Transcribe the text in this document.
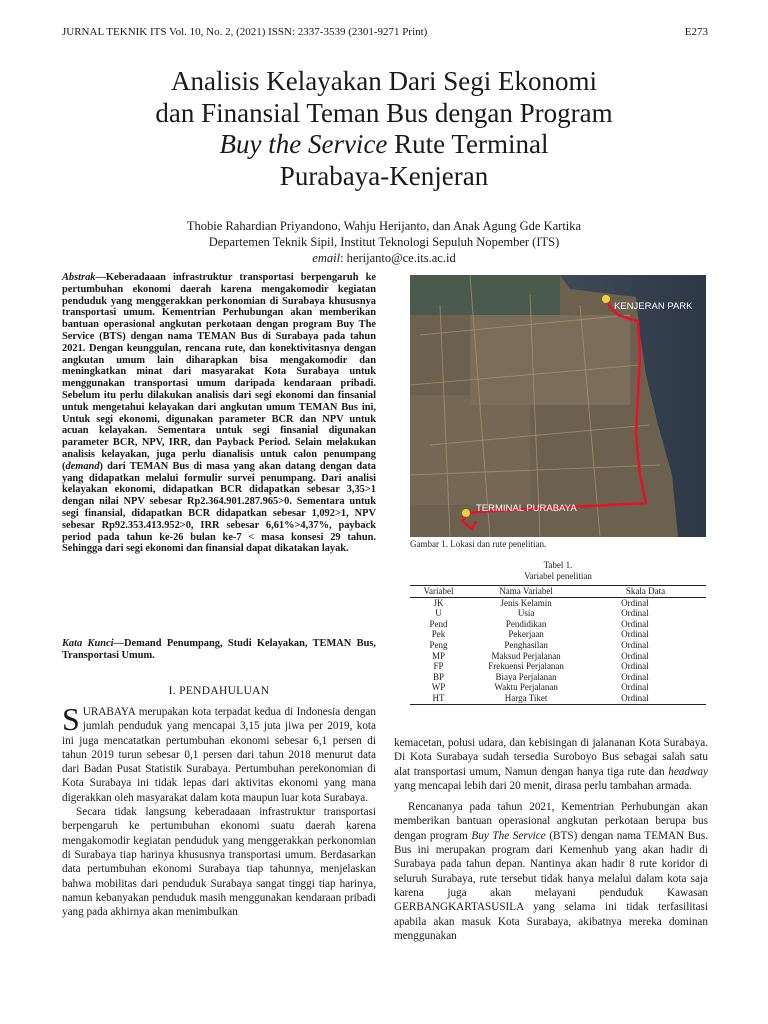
JURNAL TEKNIK ITS Vol. 10, No. 2, (2021) ISSN: 2337-3539 (2301-9271 Print)	E273
Analisis Kelayakan Dari Segi Ekonomi
dan Finansial Teman Bus dengan Program
Buy the Service Rute Terminal
Purabaya-Kenjeran
Thobie Rahardian Priyandono, Wahju Herijanto, dan Anak Agung Gde Kartika
Departemen Teknik Sipil, Institut Teknologi Sepuluh Nopember (ITS)
email: herijanto@ce.its.ac.id
Abstrak—Keberadaaan infrastruktur transportasi berpengaruh ke pertumbuhan ekonomi daerah karena mengakomodir kegiatan penduduk yang menggerakkan perkonomian di Surabaya khususnya transportasi umum. Kementrian Perhubungan akan memberikan bantuan operasional angkutan perkotaan dengan program Buy The Service (BTS) dengan nama TEMAN Bus di Surabaya pada tahun 2021. Dengan keunggulan, rencana rute, dan konektivitasnya dengan angkutan umum lain diharapkan bisa mengakomodir dan meningkatkan minat dari masyarakat Kota Surabaya untuk menggunakan transportasi umum daripada kendaraan pribadi. Sebelum itu perlu dilakukan analisis dari segi ekonomi dan finsanial untuk mengetahui kelayakan dari angkutan umum TEMAN Bus ini, Untuk segi ekonomi, digunakan parameter BCR dan NPV untuk acuan kelayakan. Sementara untuk segi finsanial digunakan parameter BCR, NPV, IRR, dan Payback Period. Selain melakukan analisis kelayakan, juga perlu dianalisis untuk calon penumpang (demand) dari TEMAN Bus di masa yang akan datang dengan data yang didapatkan melalui formulir survei penumpang. Dari analisi kelayakan ekonomi, didapatkan BCR didapatkan sebesar 3,35>1 dengan nilai NPV sebesar Rp2.364.901.287.965>0. Sementara untuk segi finansial, didapatkan BCR didapatkan sebesar 1,092>1, NPV sebesar Rp92.353.413.952>0, IRR sebesar 6,61%>4,37%, payback period pada tahun ke-26 bulan ke-7 < masa konsesi 29 tahun. Sehingga dari segi ekonomi dan finansial dapat dikatakan layak.
Kata Kunci—Demand Penumpang, Studi Kelayakan, TEMAN Bus, Transportasi Umum.
I. PENDAHULUAN

SURABAYA merupakan kota terpadat kedua di Indonesia dengan jumlah penduduk yang mencapai 3,15 juta jiwa per 2019, kota ini juga mencatatkan pertumbuhan ekonomi sebesar 6,1 persen di tahun 2019 turun sebesar 0,1 persen dari tahun 2018 menurut data dari Badan Pusat Statistik Surabaya. Pertumbuhan perekonomian di Kota Surabaya ini tidak lepas dari aktivitas ekonomi yang mana digerakkan oleh masyarakat dalam kota maupun luar kota Surabaya.

Secara tidak langsung keberadaaan infrastruktur transportasi berpengaruh ke pertumbuhan ekonomi suatu daerah karena mengakomodir kegiatan penduduk yang menggerakkan perkonomian di Surabaya tiap harinya khususnya transportasi umum. Berdasarkan data pertumbuhan ekonomi Surabaya tiap tahunnya, menjelaskan bahwa mobilitas dari penduduk Surabaya sangat tinggi tiap harinya, namun kebanyakan penduduk masih menggunakan kendaraan pribadi yang pada akhirnya akan menimbulkan

KENJERAN PARK
TERMINAL PURABAYA
Gambar 1. Lokasi dan rute penelitian.
Tabel 1.
Variabel penelitian
Variabel	Nama Variabel	Skala Data
JK	Jenis Kelamin	Ordinal
U	Usia	Ordinal
Pend	Pendidikan	Ordinal
Pek	Pekerjaan	Ordinal
Peng	Penghasilan	Ordinal
MP	Maksud Perjalanan	Ordinal
FP	Frekuensi Perjalanan	Ordinal
BP	Biaya Perjalanan	Ordinal
WP	Waktu Perjalanan	Ordinal
HT	Harga Tiket	Ordinal

kemacetan, polusi udara, dan kebisingan di jalananan Kota Surabaya. Di Kota Surabaya sudah tersedia Suroboyo Bus sebagai salah satu alat transportasi umum, Namun dengan hanya tiga rute dan headway yang mencapai lebih dari 20 menit, dirasa perlu tambahan armada.

Rencananya pada tahun 2021, Kementrian Perhubungan akan memberikan bantuan operasional angkutan perkotaan berupa bus dengan program Buy The Service (BTS) dengan nama TEMAN Bus. Bus ini merupakan program dari Kemenhub yang akan hadir di Surabaya pada tahun depan. Nantinya akan hadir 8 rute koridor di seluruh Surabaya, rute tersebut tidak hanya melalui dalam kota saja karena juga akan melayani penduduk Kawasan GERBANGKARTASUSILA yang selama ini tidak terfasilitasi apabila akan masuk Kota Surabaya, akibatnya mereka dominan menggunakan
